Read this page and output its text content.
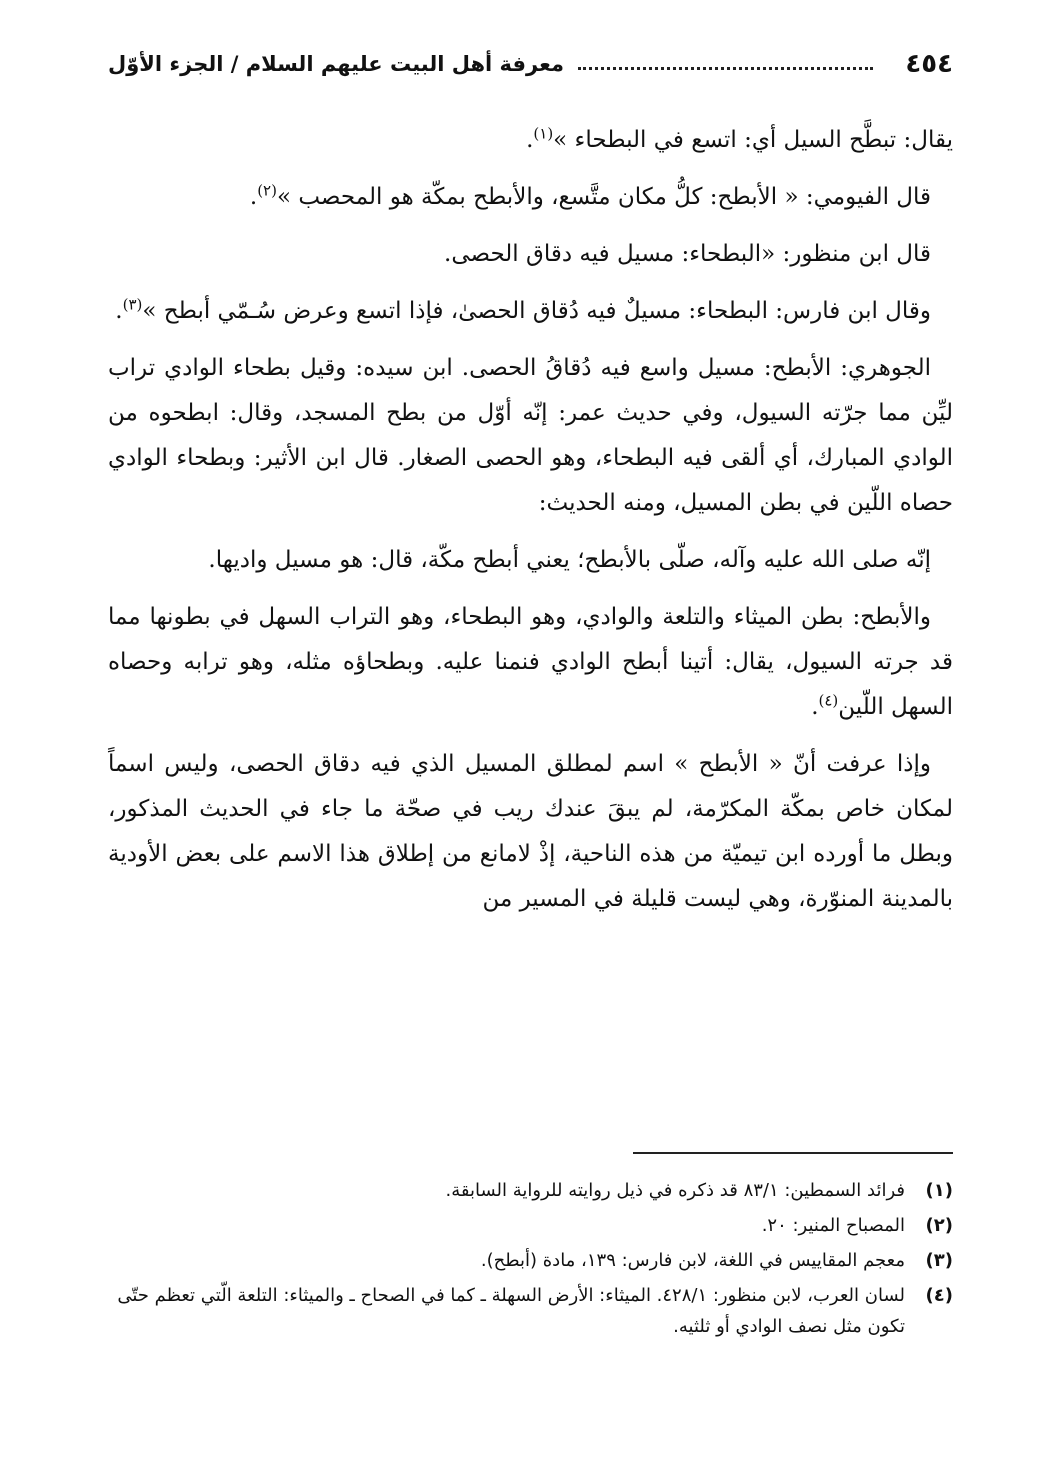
٤٥٤
معرفة أهل البيت عليهم السلام / الجزء الأوّل

يقال: تبطَّح السيل أي: اتسع في البطحاء »$^{(١)}$.

قال الفيومي: « الأبطح: كلُّ مكان متَّسع، والأبطح بمكّة هو المحصب »$^{(٢)}$.

قال ابن منظور: «البطحاء: مسيل فيه دقاق الحصى.

وقال ابن فارس: البطحاء: مسيلٌ فيه دُقاق الحصىٰ، فإذا اتسع وعرض سُـمّي أبطح »$^{(٣)}$.

الجوهري: الأبطح: مسيل واسع فيه دُقاقُ الحصى. ابن سيده: وقيل بطحاء الوادي تراب ليِّن مما جرّته السيول، وفي حديث عمر: إنّه أوّل من بطح المسجد، وقال: ابطحوه من الوادي المبارك، أي ألقى فيه البطحاء، وهو الحصى الصغار. قال ابن الأثير: وبطحاء الوادي حصاه اللّين في بطن المسيل، ومنه الحديث:

إنّه صلى الله عليه وآله، صلّى بالأبطح؛ يعني أبطح مكّة، قال: هو مسيل واديها.

والأبطح: بطن الميثاء والتلعة والوادي، وهو البطحاء، وهو التراب السهل في بطونها مما قد جرته السيول، يقال: أتينا أبطح الوادي فنمنا عليه. وبطحاؤه مثله، وهو ترابه وحصاه السهل اللّين$^{(٤)}$.

وإذا عرفت أنّ « الأبطح » اسم لمطلق المسيل الذي فيه دقاق الحصى، وليس اسماً لمكان خاص بمكّة المكرّمة، لم يبقَ عندك ريب في صحّة ما جاء في الحديث المذكور، وبطل ما أورده ابن تيميّة من هذه الناحية، إذْ لامانع من إطلاق هذا الاسم على بعض الأودية بالمدينة المنوّرة، وهي ليست قليلة في المسير من

(١)
فرائد السمطين: ٨٣/١ قد ذكره في ذيل روايته للرواية السابقة.
(٢)
المصباح المنير: ٢٠.
(٣)
معجم المقاييس في اللغة، لابن فارس: ١٣٩، مادة (أبطح).
(٤)
لسان العرب، لابن منظور: ٤٢٨/١. الميثاء: الأرض السهلة ـ كما في الصحاح ـ والميثاء: التلعة الّتي تعظم حتّى تكون مثل نصف الوادي أو ثلثيه.
